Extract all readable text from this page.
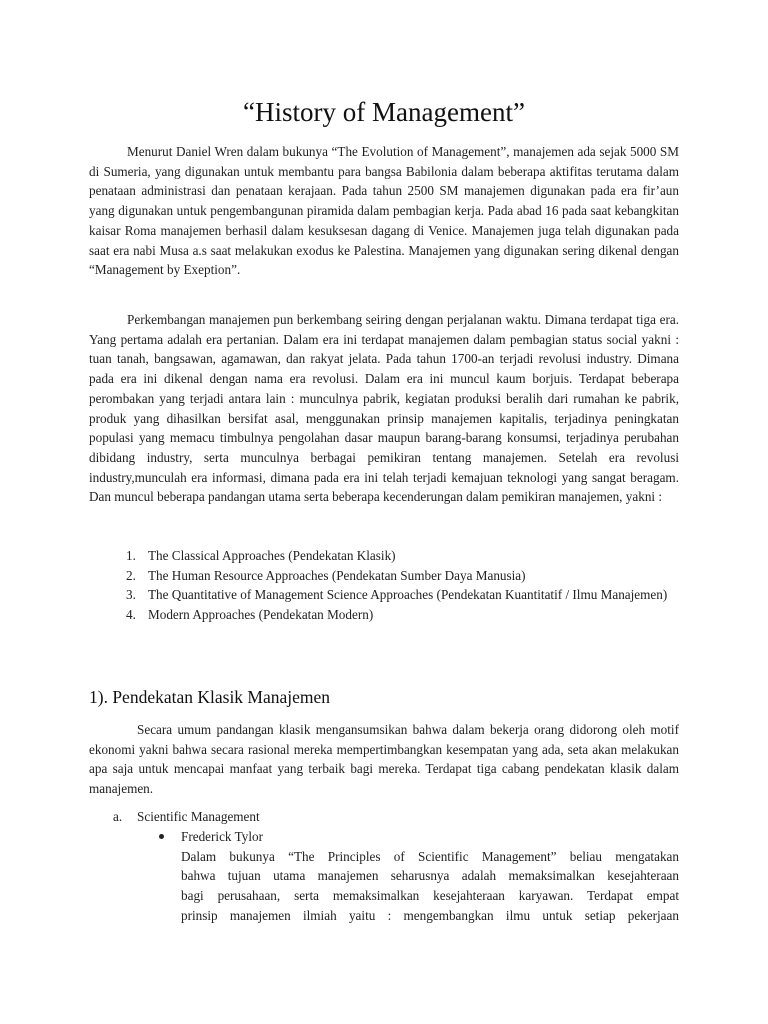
“History of Management”

Menurut Daniel Wren dalam bukunya “The Evolution of Management”, manajemen ada sejak 5000 SM di Sumeria, yang digunakan untuk membantu para bangsa Babilonia dalam beberapa aktifitas terutama dalam penataan administrasi dan penataan kerajaan. Pada tahun 2500 SM manajemen digunakan pada era fir’aun yang digunakan untuk pengembangunan piramida dalam pembagian kerja. Pada abad 16 pada saat kebangkitan kaisar Roma manajemen berhasil dalam kesuksesan dagang di Venice. Manajemen juga telah digunakan pada saat era nabi Musa a.s saat melakukan exodus ke Palestina. Manajemen yang digunakan sering dikenal dengan “Management by Exeption”.

Perkembangan manajemen pun berkembang seiring dengan perjalanan waktu. Dimana terdapat tiga era. Yang pertama adalah era pertanian. Dalam era ini terdapat manajemen dalam pembagian status social yakni : tuan tanah, bangsawan, agamawan, dan rakyat jelata. Pada tahun 1700-an terjadi revolusi industry. Dimana pada era ini dikenal dengan nama era revolusi. Dalam era ini muncul kaum borjuis. Terdapat beberapa perombakan yang terjadi antara lain : munculnya pabrik, kegiatan produksi beralih dari rumahan ke pabrik, produk yang dihasilkan bersifat asal, menggunakan prinsip manajemen kapitalis, terjadinya peningkatan populasi yang memacu timbulnya pengolahan dasar maupun barang-barang konsumsi, terjadinya perubahan dibidang industry, serta munculnya berbagai pemikiran tentang manajemen. Setelah era revolusi industry,munculah era informasi, dimana pada era ini telah terjadi kemajuan teknologi yang sangat beragam. Dan muncul beberapa pandangan utama serta beberapa kecenderungan dalam pemikiran manajemen, yakni :

1. The Classical Approaches (Pendekatan Klasik)
2. The Human Resource Approaches (Pendekatan Sumber Daya Manusia)
3. The Quantitative of Management Science Approaches (Pendekatan Kuantitatif / Ilmu Manajemen)
4. Modern Approaches (Pendekatan Modern)
1). Pendekatan Klasik Manajemen

Secara umum pandangan klasik mengansumsikan bahwa dalam bekerja orang didorong oleh motif ekonomi yakni bahwa secara rasional mereka mempertimbangkan kesempatan yang ada, seta akan melakukan apa saja untuk mencapai manfaat yang terbaik bagi mereka. Terdapat tiga cabang pendekatan klasik dalam manajemen.

a. Scientific Management
Frederick Tylor

Dalam bukunya “The Principles of Scientific Management” beliau mengatakan

bahwa tujuan utama manajemen seharusnya adalah memaksimalkan kesejahteraan

bagi perusahaan, serta memaksimalkan kesejahteraan karyawan. Terdapat empat

prinsip manajemen ilmiah yaitu : mengembangkan ilmu untuk setiap pekerjaan
